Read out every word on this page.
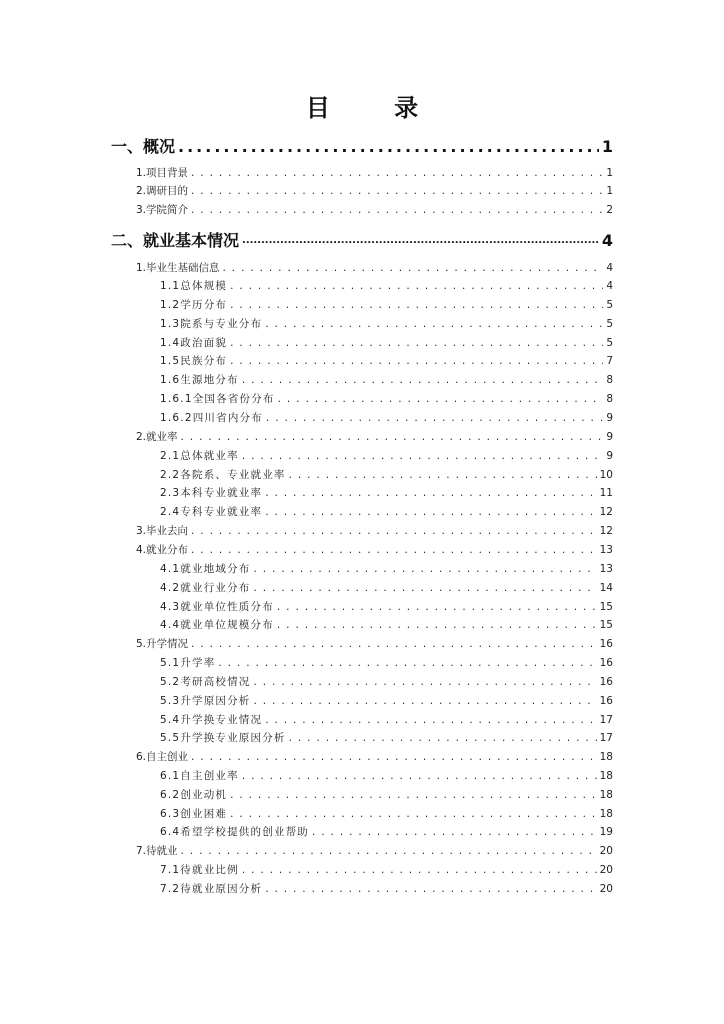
目 录
一、概况 .....	1
1.项目背景 . . .	1
2.调研目的 . . .	1
3.学院简介 . . .	2
二、就业基本情况 .....	4
1.毕业生基础信息 . . .	4
1.1总体规模 . . .	4
1.2学历分布 . . .	5
1.3院系与专业分布 . . .	5
1.4政治面貌 . . .	5
1.5民族分布 . . .	7
1.6生源地分布 . . .	8
1.6.1全国各省份分布 . . .	8
1.6.2四川省内分布 . . .	9
2.就业率 . . .	9
2.1总体就业率 . . .	9
2.2各院系、专业就业率 . . .	10
2.3本科专业就业率 . . .	11
2.4专科专业就业率 . . .	12
3.毕业去向 . . .	12
4.就业分布 . . .	13
4.1就业地域分布 . . .	13
4.2就业行业分布 . . .	14
4.3就业单位性质分布 . . .	15
4.4就业单位规模分布 . . .	15
5.升学情况 . . .	16
5.1升学率 . . .	16
5.2考研高校情况 . . .	16
5.3升学原因分析 . . .	16
5.4升学换专业情况 . . .	17
5.5升学换专业原因分析 . . .	17
6.自主创业 . . .	18
6.1自主创业率 . . .	18
6.2创业动机 . . .	18
6.3创业困难 . . .	18
6.4希望学校提供的创业帮助 . . .	19
7.待就业 . . .	20
7.1待就业比例 . . .	20
7.2待就业原因分析 . . .	20
